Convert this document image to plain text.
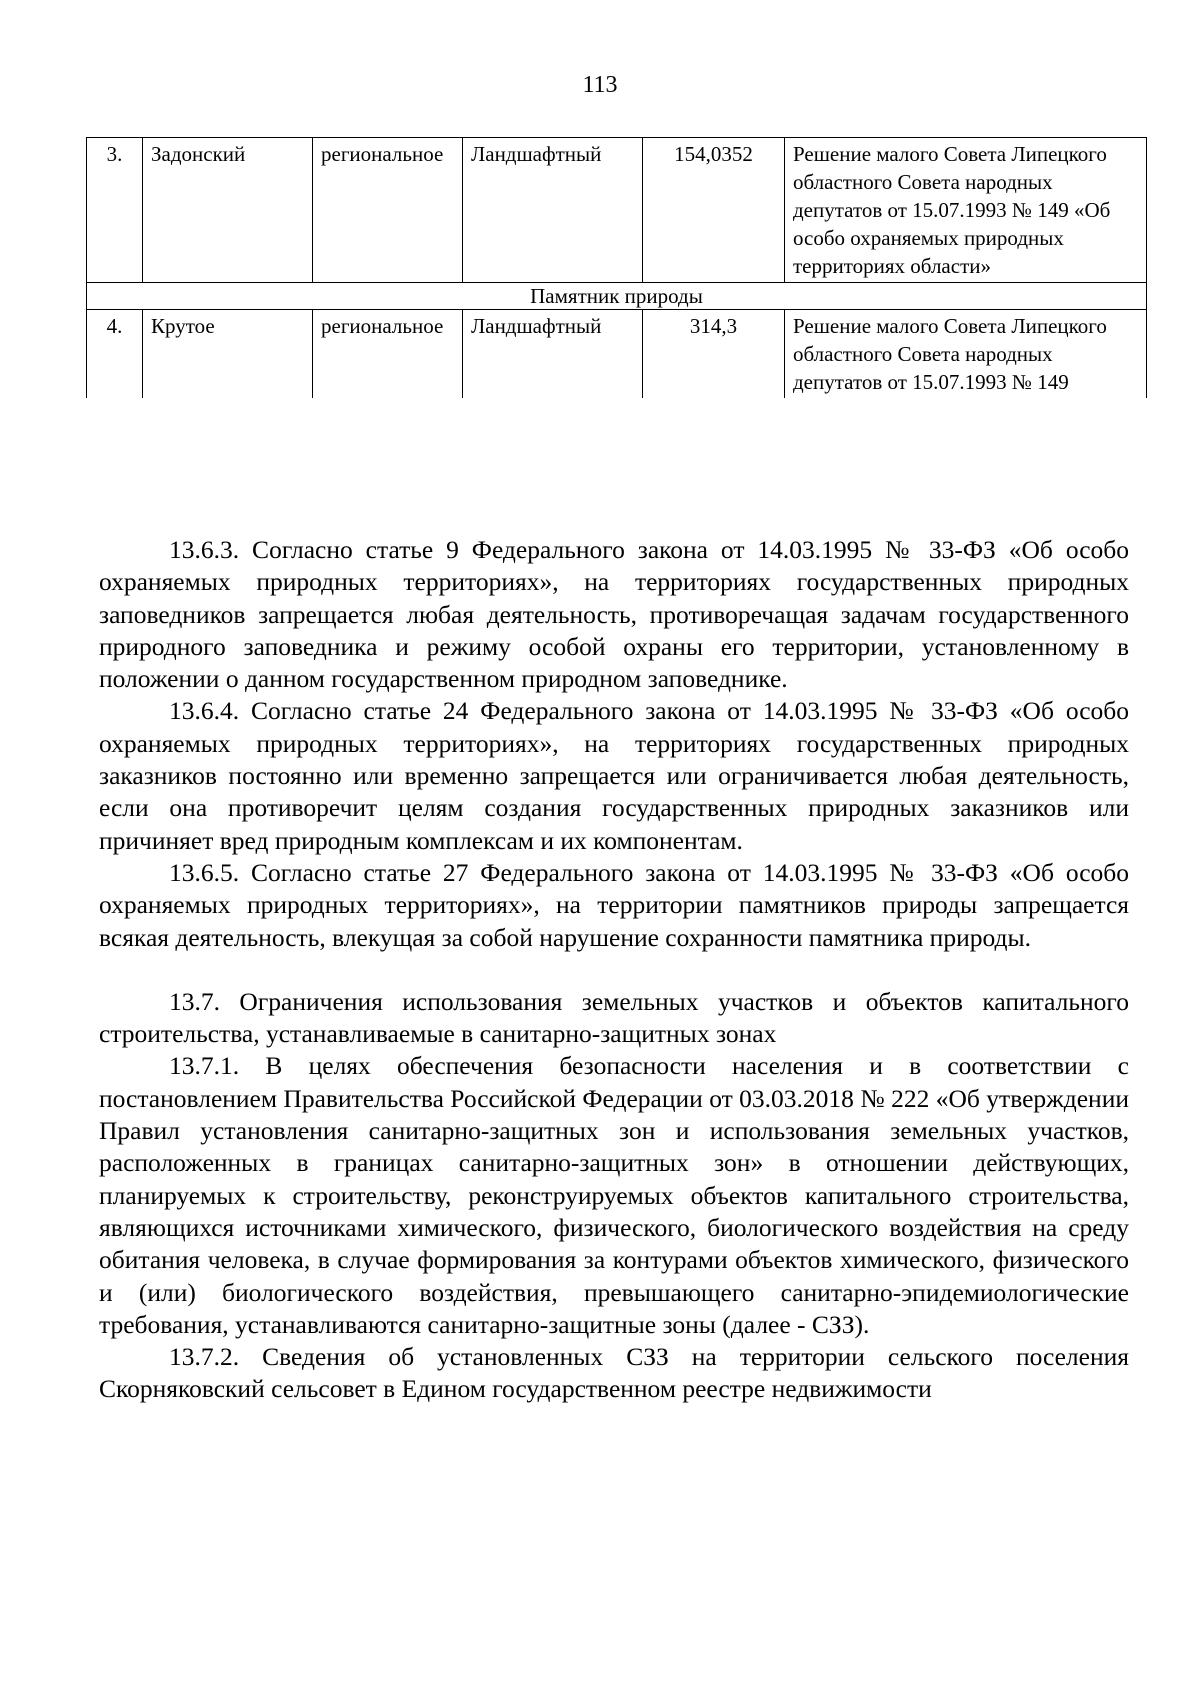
113
3.	Задонский	региональное	Ландшафтный	154,0352	Решение малого Совета Липецкого областного Совета народных депутатов от 15.07.1993 № 149 «Об особо охраняемых природных территориях области»
Памятник природы					
4.	Крутое	региональное	Ландшафтный	314,3	Решение малого Совета Липецкого областного Совета народных депутатов от 15.07.1993 № 149

13.6.3. Согласно статье 9 Федерального закона от 14.03.1995 № 33-ФЗ «Об особо охраняемых природных территориях», на территориях государственных природных заповедников запрещается любая деятельность, противоречащая задачам государственного природного заповедника и режиму особой охраны его территории, установленному в положении о данном государственном природном заповеднике.

13.6.4. Согласно статье 24 Федерального закона от 14.03.1995 № 33-ФЗ «Об особо охраняемых природных территориях», на территориях государственных природных заказников постоянно или временно запрещается или ограничивается любая деятельность, если она противоречит целям создания государственных природных заказников или причиняет вред природным комплексам и их компонентам.

13.6.5. Согласно статье 27 Федерального закона от 14.03.1995 № 33-ФЗ «Об особо охраняемых природных территориях», на территории памятников природы запрещается всякая деятельность, влекущая за собой нарушение сохранности памятника природы.

13.7. Ограничения использования земельных участков и объектов капитального строительства, устанавливаемые в санитарно-защитных зонах

13.7.1. В целях обеспечения безопасности населения и в соответствии с постановлением Правительства Российской Федерации от 03.03.2018 № 222 «Об утверждении Правил установления санитарно-защитных зон и использования земельных участков, расположенных в границах санитарно-защитных зон» в отношении действующих, планируемых к строительству, реконструируемых объектов капитального строительства, являющихся источниками химического, физического, биологического воздействия на среду обитания человека, в случае формирования за контурами объектов химического, физического и (или) биологического воздействия, превышающего санитарно-эпидемиологические требования, устанавливаются санитарно-защитные зоны (далее - СЗЗ).

13.7.2. Сведения об установленных СЗЗ на территории сельского поселения Скорняковский сельсовет в Едином государственном реестре недвижимости
